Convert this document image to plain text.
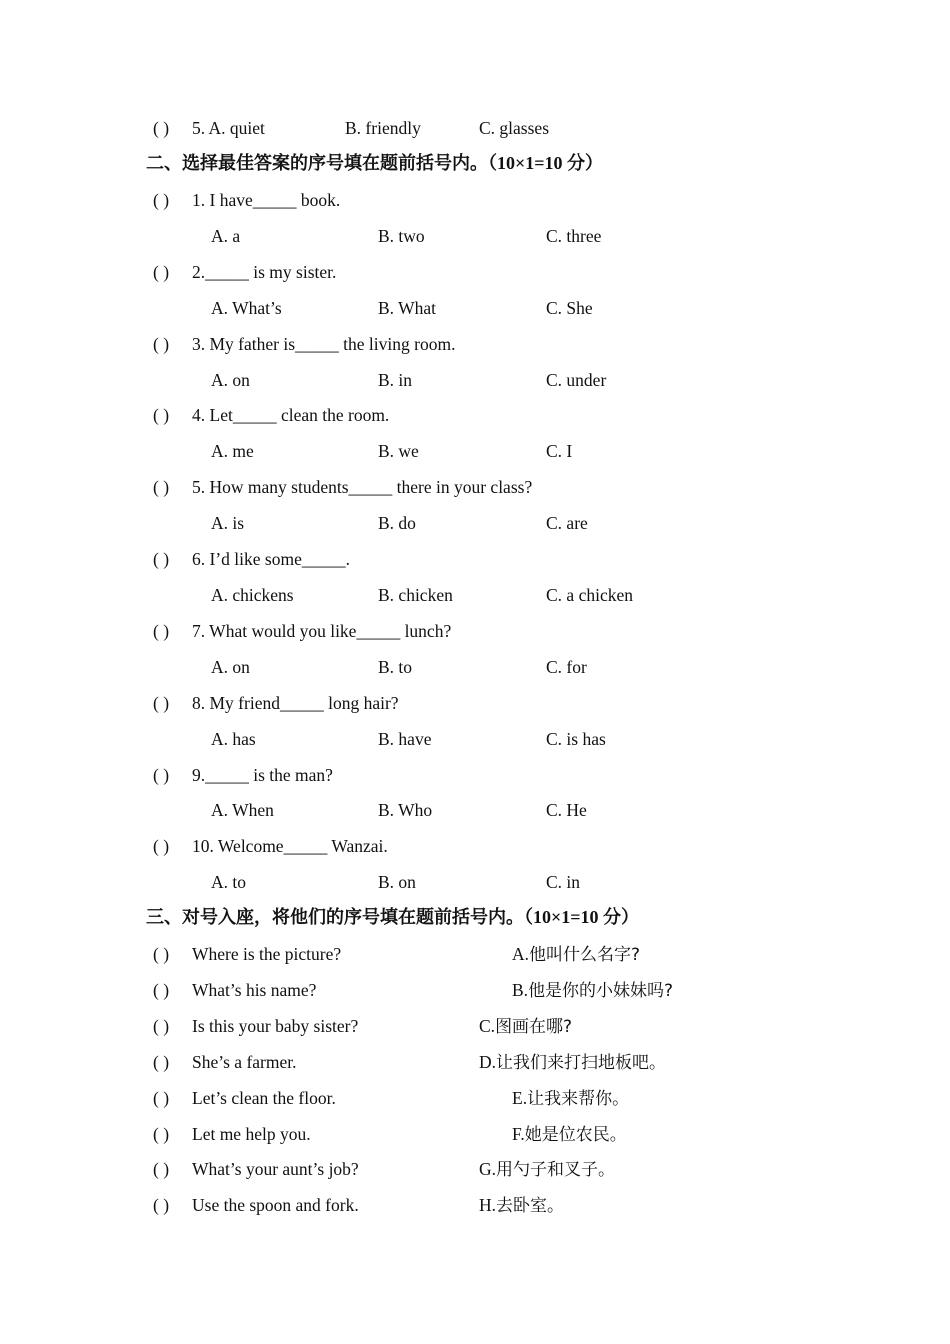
( ) 5. A. quiet	B. friendly	C. glasses
二、选择最佳答案的序号填在题前括号内。（10×1=10 分）
( ) 1. I have_____ book.
A. a	B. two	C. three
( ) 2._____ is my sister.
A. What’s	B. What	C. She
( ) 3. My father is_____ the living room.
A. on	B. in	C. under
( ) 4. Let_____ clean the room.
A. me	B. we	C. I
( ) 5. How many students_____ there in your class?
A. is	B. do	C. are
( ) 6. I’d like some_____.
A. chickens	B. chicken	C. a chicken
( ) 7. What would you like_____ lunch?
A. on	B. to	C. for
( ) 8. My friend_____ long hair?
A. has	B. have	C. is has
( ) 9._____ is the man?
A. When	B. Who	C. He
( ) 10. Welcome_____ Wanzai.
A. to	B. on	C. in
三、对号入座，将他们的序号填在题前括号内。（10×1=10 分）
( ) Where is the picture?	A.他叫什么名字?
( ) What’s his name?	B.他是你的小妹妹吗?
( ) Is this your baby sister?	C.图画在哪?
( ) She’s a farmer.	D.让我们来打扫地板吧。
( ) Let’s clean the floor.	E.让我来帮你。
( ) Let me help you.	F.她是位农民。
( ) What’s your aunt’s job?	G.用勺子和叉子。
( ) Use the spoon and fork.	H.去卧室。
